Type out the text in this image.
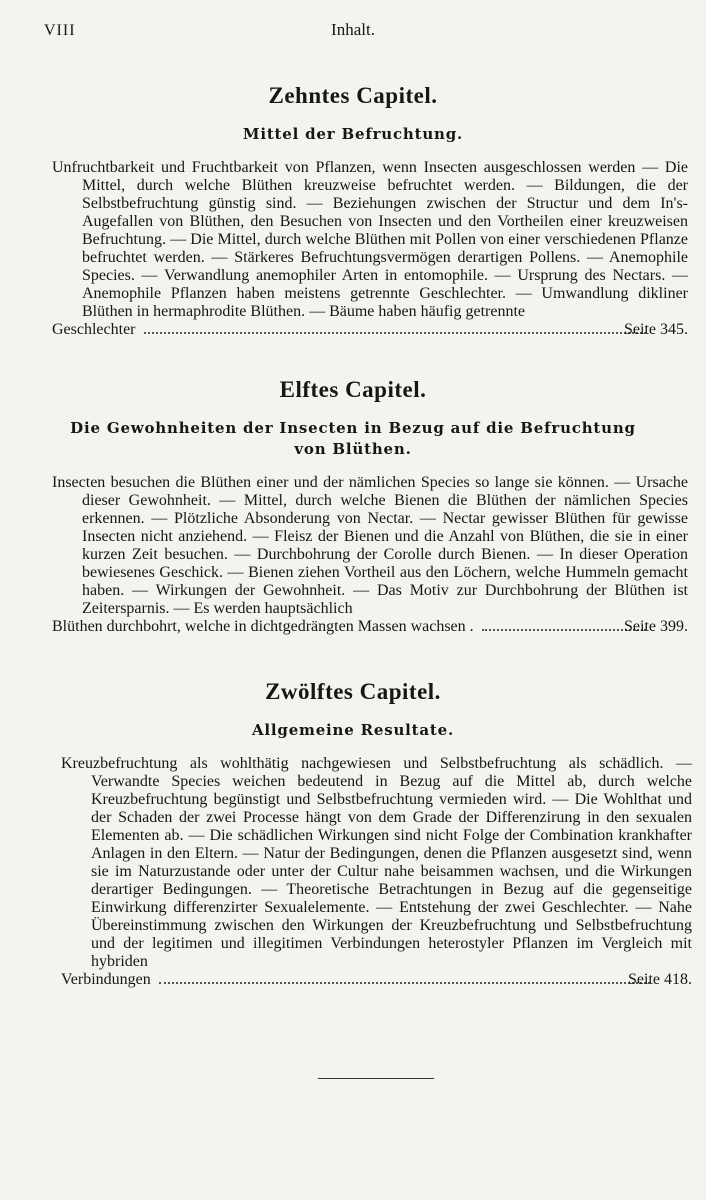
VIII	Inhalt.
Zehntes Capitel.
Mittel der Befruchtung.
Unfruchtbarkeit und Fruchtbarkeit von Pflanzen, wenn Insecten ausgeschlossen werden — Die Mittel, durch welche Blüthen kreuzweise befruchtet werden. — Bildungen, die der Selbstbefruchtung günstig sind. — Beziehungen zwischen der Structur und dem In's-Augefallen von Blüthen, den Besuchen von Insecten und den Vortheilen einer kreuzweisen Befruchtung. — Die Mittel, durch welche Blüthen mit Pollen von einer verschiedenen Pflanze befruchtet werden. — Stärkeres Befruchtungsvermögen derartigen Pollens. — Anemophile Species. — Verwandlung anemophiler Arten in entomophile. — Ursprung des Nectars. — Anemophile Pflanzen haben meistens getrennte Geschlechter. — Umwandlung dikliner Blüthen in hermaphrodite Blüthen. — Bäume haben häufig getrennte
Geschlechter	Seite 345.
Elftes Capitel.
Die Gewohnheiten der Insecten in Bezug auf die Befruchtung von Blüthen.
Insecten besuchen die Blüthen einer und der nämlichen Species so lange sie können. — Ursache dieser Gewohnheit. — Mittel, durch welche Bienen die Blüthen der nämlichen Species erkennen. — Plötzliche Absonderung von Nectar. — Nectar gewisser Blüthen für gewisse Insecten nicht anziehend. — Fleisz der Bienen und die Anzahl von Blüthen, die sie in einer kurzen Zeit besuchen. — Durchbohrung der Corolle durch Bienen. — In dieser Operation bewiesenes Geschick. — Bienen ziehen Vortheil aus den Löchern, welche Hummeln gemacht haben. — Wirkungen der Gewohnheit. — Das Motiv zur Durchbohrung der Blüthen ist Zeitersparnis. — Es werden hauptsächlich
Blüthen durchbohrt, welche in dichtgedrängten Massen wachsen .	Seite 399.
Zwölftes Capitel.
Allgemeine Resultate.
Kreuzbefruchtung als wohlthätig nachgewiesen und Selbstbefruchtung als schädlich. — Verwandte Species weichen bedeutend in Bezug auf die Mittel ab, durch welche Kreuzbefruchtung begünstigt und Selbstbefruchtung vermieden wird. — Die Wohlthat und der Schaden der zwei Processe hängt von dem Grade der Differenzirung in den sexualen Elementen ab. — Die schädlichen Wirkungen sind nicht Folge der Combination krankhafter Anlagen in den Eltern. — Natur der Bedingungen, denen die Pflanzen ausgesetzt sind, wenn sie im Naturzustande oder unter der Cultur nahe beisammen wachsen, und die Wirkungen derartiger Bedingungen. — Theoretische Betrachtungen in Bezug auf die gegenseitige Einwirkung differenzirter Sexualelemente. — Entstehung der zwei Geschlechter. — Nahe Übereinstimmung zwischen den Wirkungen der Kreuzbefruchtung und Selbstbefruchtung und der legitimen und illegitimen Verbindungen heterostyler Pflanzen im Vergleich mit hybriden
Verbindungen	Seite 418.
